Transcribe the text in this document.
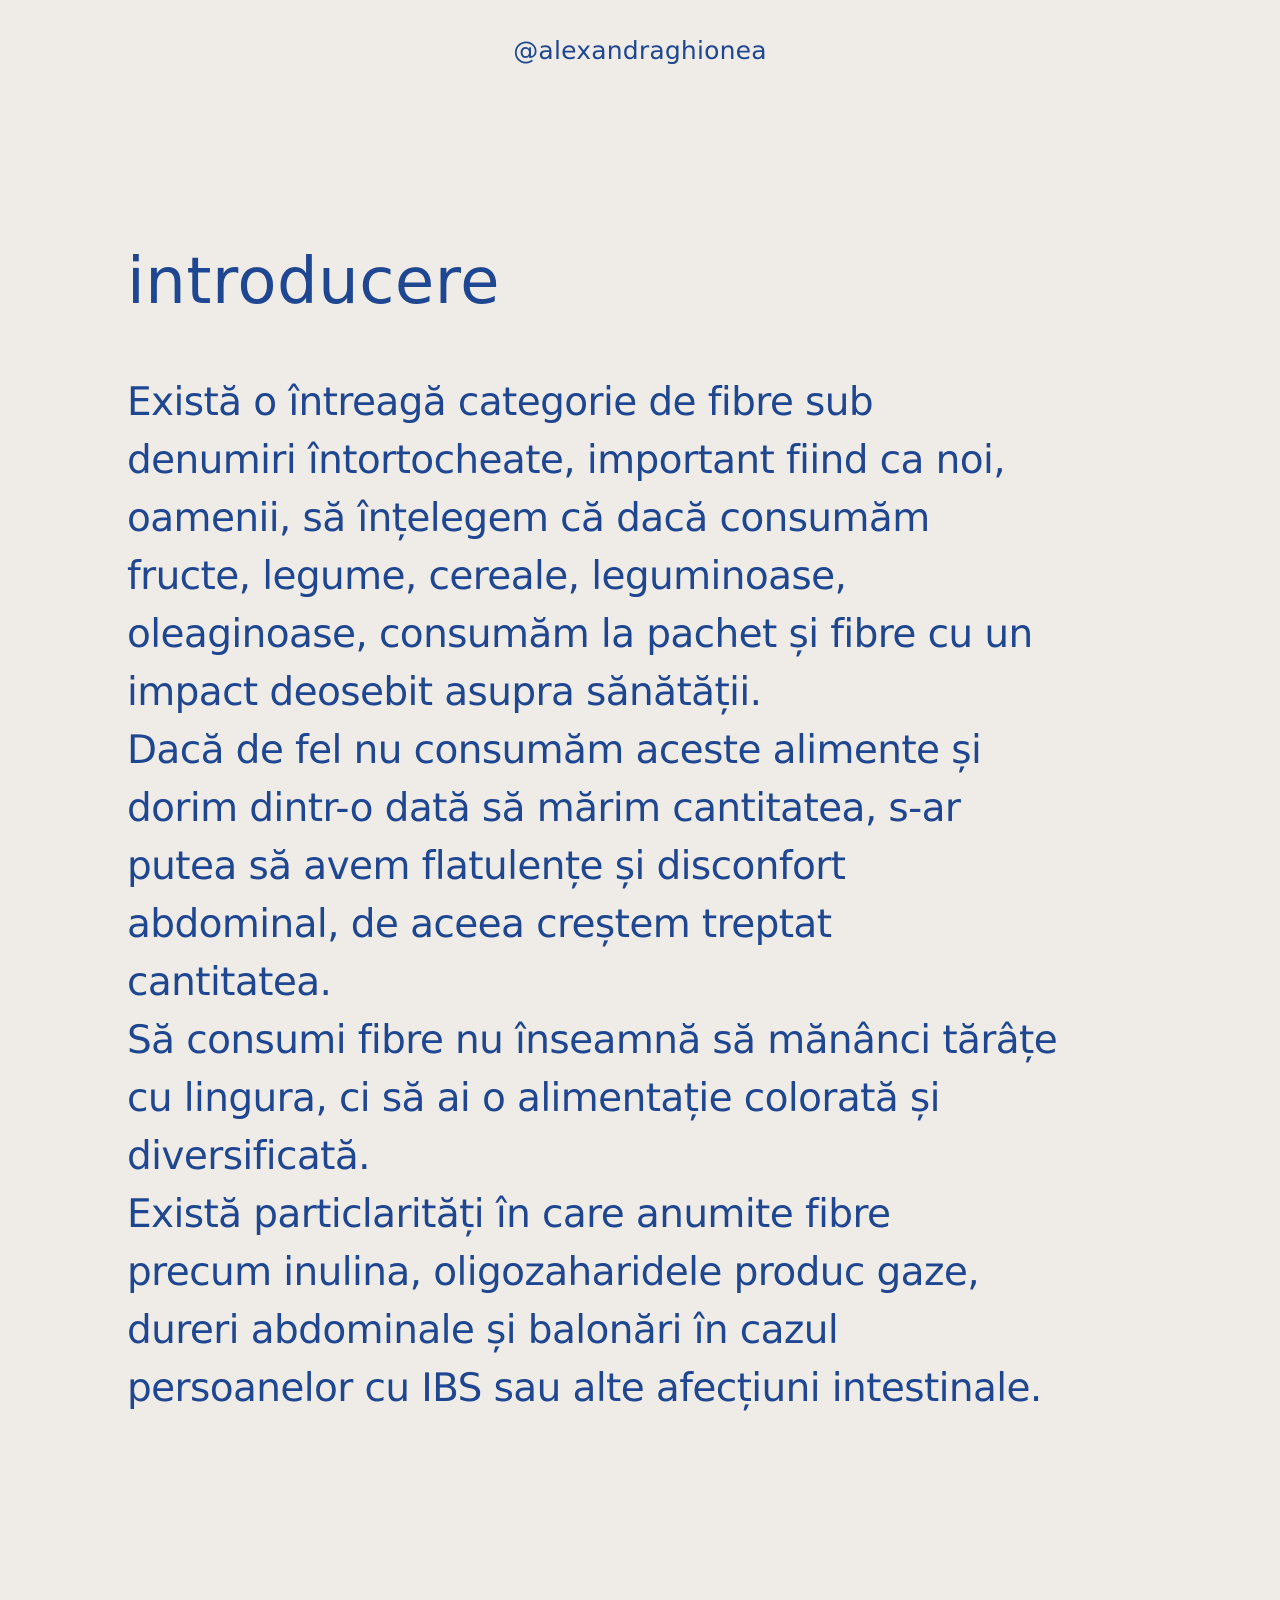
@alexandraghionea
introducere
Există o întreagă categorie de fibre sub
denumiri întortocheate, important fiind ca noi,
oamenii, să înțelegem că dacă consumăm
fructe, legume, cereale, leguminoase,
oleaginoase, consumăm la pachet și fibre cu un
impact deosebit asupra sănătății.
Dacă de fel nu consumăm aceste alimente și
dorim dintr-o dată să mărim cantitatea, s-ar
putea să avem flatulențe și disconfort
abdominal, de aceea creștem treptat
cantitatea.
Să consumi fibre nu înseamnă să mănânci tărâțe
cu lingura, ci să ai o alimentație colorată și
diversificată.
Există particlarități în care anumite fibre
precum inulina, oligozaharidele produc gaze,
dureri abdominale și balonări în cazul
persoanelor cu IBS sau alte afecțiuni intestinale.
